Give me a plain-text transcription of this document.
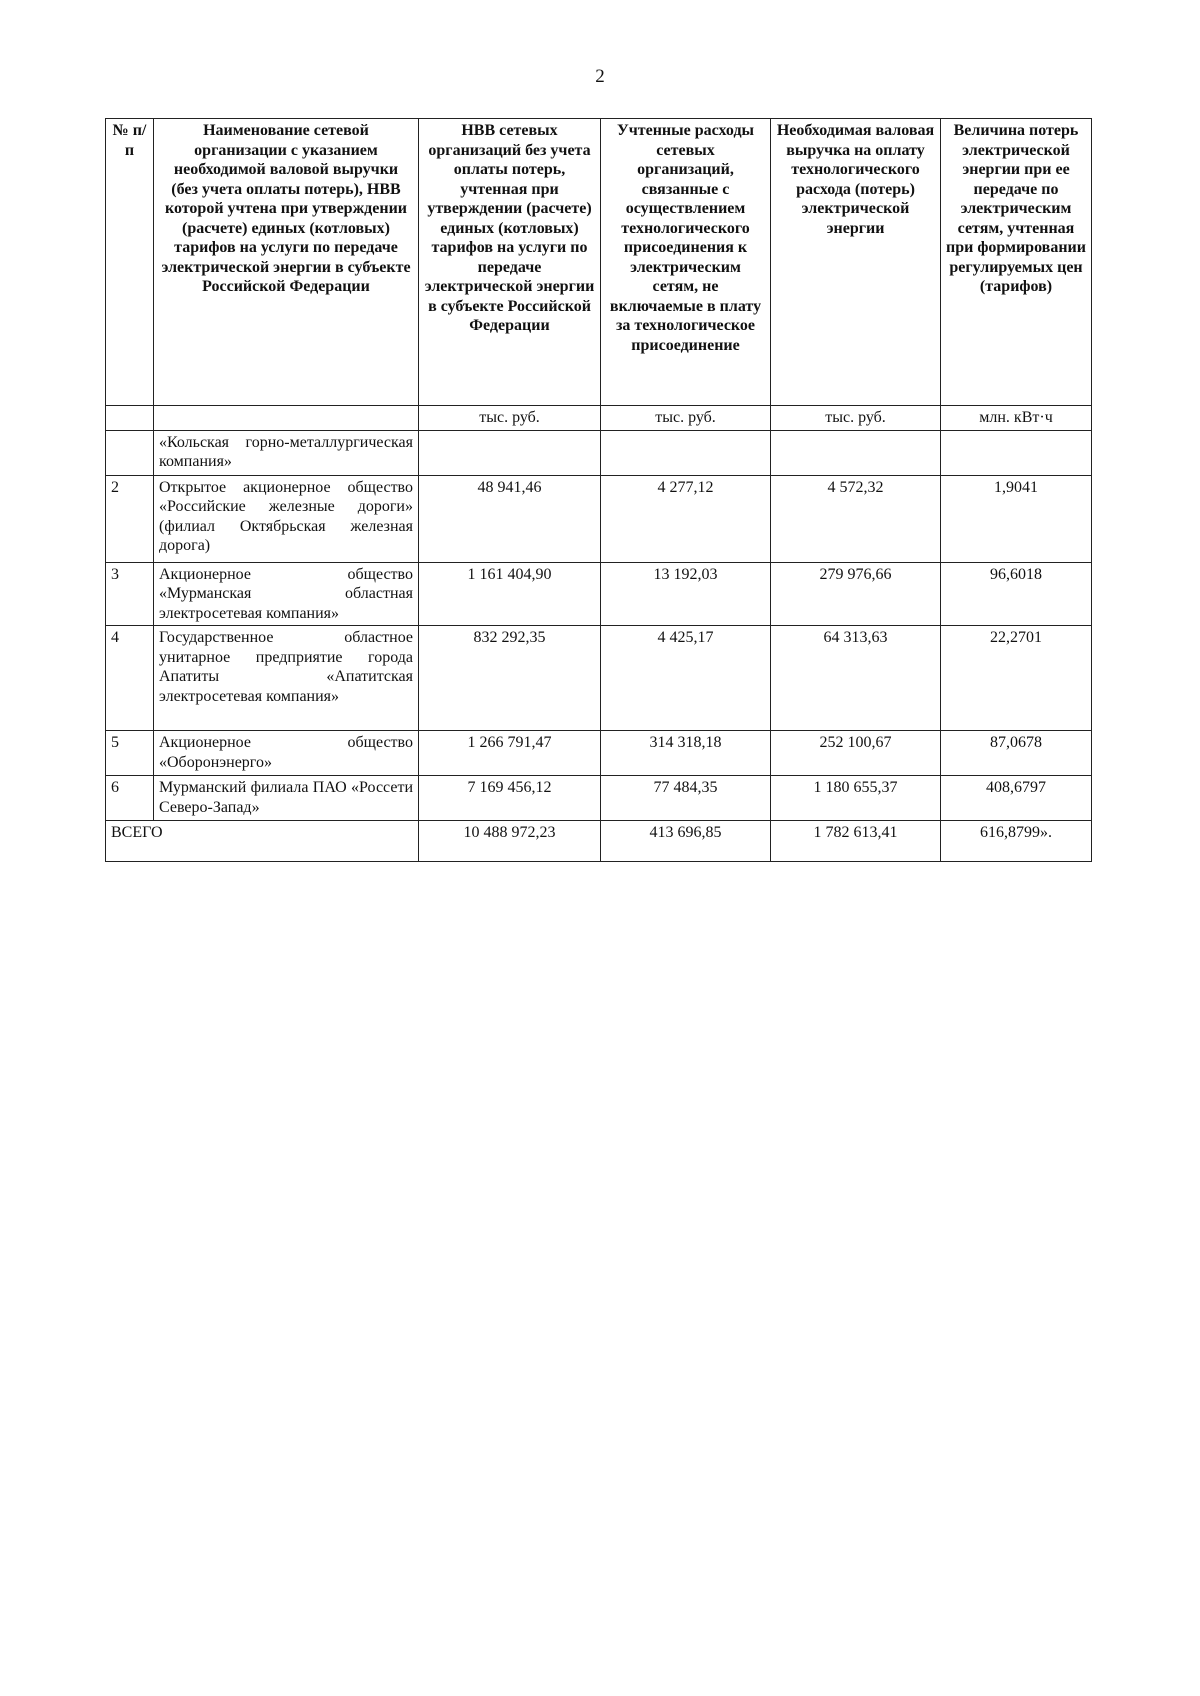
2
№ п/п	Наименование сетевой организации с указанием необходимой валовой выручки (без учета оплаты потерь), НВВ которой учтена при утверждении (расчете) единых (котловых) тарифов на услуги по передаче электрической энергии в субъекте Российской Федерации	НВВ сетевых организаций без учета оплаты потерь, учтенная при утверждении (расчете) единых (котловых) тарифов на услуги по передаче электрической энергии в субъекте Российской Федерации	Учтенные расходы сетевых организаций, связанные с осуществлением технологического присоединения к электрическим сетям, не включаемые в плату за технологическое присоединение	Необходимая валовая выручка на оплату технологического расхода (потерь) электрической энергии	Величина потерь электрической энергии при ее передаче по электрическим сетям, учтенная при формировании регулируемых цен (тарифов)
		тыс. руб.	тыс. руб.	тыс. руб.	млн. кВт·ч
	«Кольская горно-металлургическая компания»				
2	Открытое акционерное общество «Российские железные дороги» (филиал Октябрьская железная дорога)	48 941,46	4 277,12	4 572,32	1,9041
3	Акционерное общество «Мурманская областная электросетевая компания»	1 161 404,90	13 192,03	279 976,66	96,6018
4	Государственное областное унитарное предприятие города Апатиты «Апатитская электросетевая компания»	832 292,35	4 425,17	64 313,63	22,2701
5	Акционерное общество «Оборонэнерго»	1 266 791,47	314 318,18	252 100,67	87,0678
6	Мурманский филиала ПАО «Россети Северо-Запад»	7 169 456,12	77 484,35	1 180 655,37	408,6797
ВСЕГО		10 488 972,23	413 696,85	1 782 613,41	616,8799».
